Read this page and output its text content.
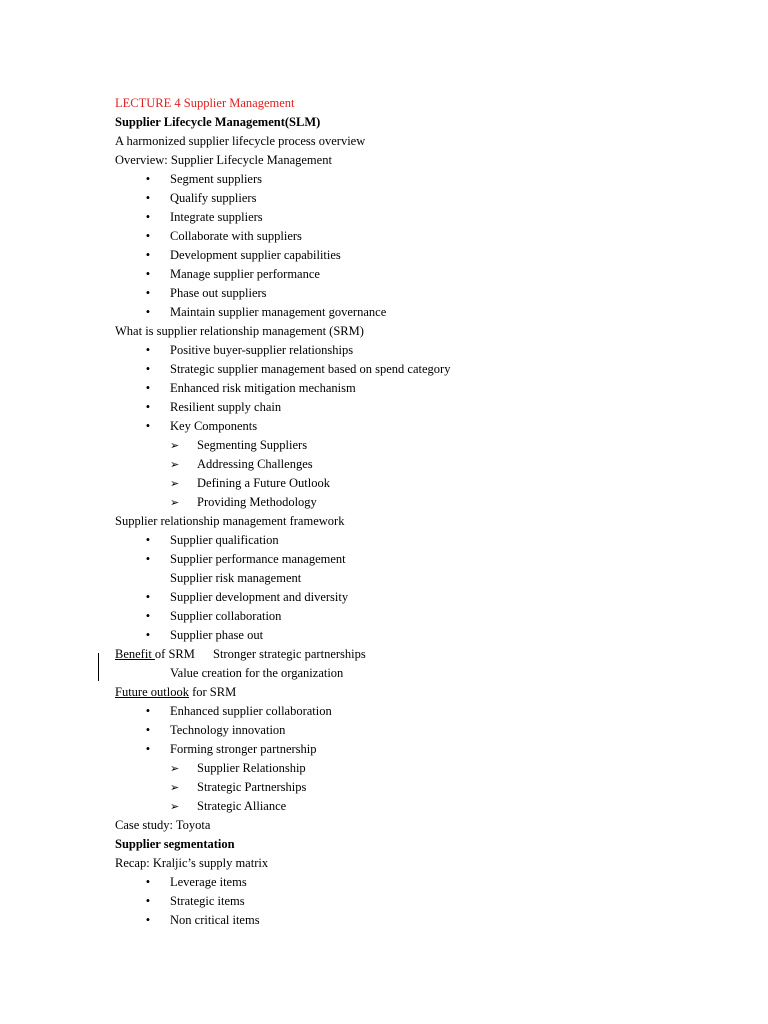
LECTURE 4 Supplier Management
Supplier Lifecycle Management(SLM)
A harmonized supplier lifecycle process overview
Overview: Supplier Lifecycle Management
•	Segment suppliers
•	Qualify suppliers
•	Integrate suppliers
•	Collaborate with suppliers
•	Development supplier capabilities
•	Manage supplier performance
•	Phase out suppliers
•	Maintain supplier management governance
What is supplier relationship management (SRM)
•	Positive buyer-supplier relationships
•	Strategic supplier management based on spend category
•	Enhanced risk mitigation mechanism
•	Resilient supply chain
•	Key Components
➢ Segmenting Suppliers
➢ Addressing Challenges
➢ Defining a Future Outlook
➢ Providing Methodology
Supplier relationship management framework
•	Supplier qualification
•	Supplier performance management
Supplier risk management
•	Supplier development and diversity
•	Supplier collaboration
•	Supplier phase out
Benefit of SRM Stronger strategic partnerships
Value creation for the organization
Future outlook for SRM
•	Enhanced supplier collaboration
•	Technology innovation
•	Forming stronger partnership
➢ Supplier Relationship
➢ Strategic Partnerships
➢ Strategic Alliance
Case study: Toyota
Supplier segmentation
Recap: Kraljic’s supply matrix
•	Leverage items
•	Strategic items
•	Non critical items
